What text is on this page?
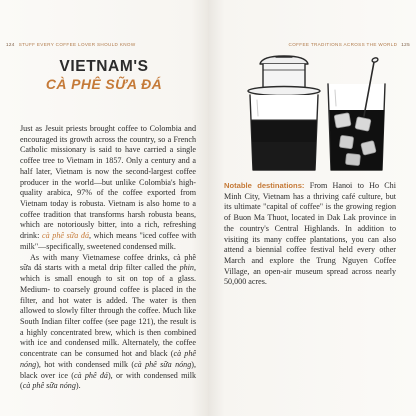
124 STUFF EVERY COFFEE LOVER SHOULD KNOW
VIETNAM'S
CÀ PHÊ SỮA ĐÁ

Just as Jesuit priests brought coffee to Colombia and encouraged its growth across the country, so a French Catholic missionary is said to have carried a single coffee tree to Vietnam in 1857. Only a century and a half later, Vietnam is now the second-largest coffee producer in the world—but unlike Colombia's high-quality arabica, 97% of the coffee exported from Vietnam today is robusta. Vietnam is also home to a coffee tradition that transforms harsh robusta beans, which are notoriously bitter, into a rich, refreshing drink: cà phê sữa đá, which means "iced coffee with milk"—specifically, sweetened condensed milk.

As with many Vietnamese coffee drinks, cà phê sữa đá starts with a metal drip filter called the phin, which is small enough to sit on top of a glass. Medium- to coarsely ground coffee is placed in the filter, and hot water is added. The water is then allowed to slowly filter through the coffee. Much like South Indian filter coffee (see page 121), the result is a highly concentrated brew, which is then combined with ice and condensed milk. Alternately, the coffee concentrate can be consumed hot and black (cà phê nóng), hot with condensed milk (cà phê sữa nóng), black over ice (cà phê đá), or with condensed milk (cà phê sữa nóng).

COFFEE TRADITIONS ACROSS THE WORLD 125

Notable destinations: From Hanoi to Ho Chi Minh City, Vietnam has a thriving café culture, but its ultimate "capital of coffee" is the growing region of Buon Ma Thuot, located in Dak Lak province in the country's Central Highlands. In addition to visiting its many coffee plantations, you can also attend a biennial coffee festival held every other March and explore the Trung Nguyen Coffee Village, an open-air museum spread across nearly 50,000 acres.
